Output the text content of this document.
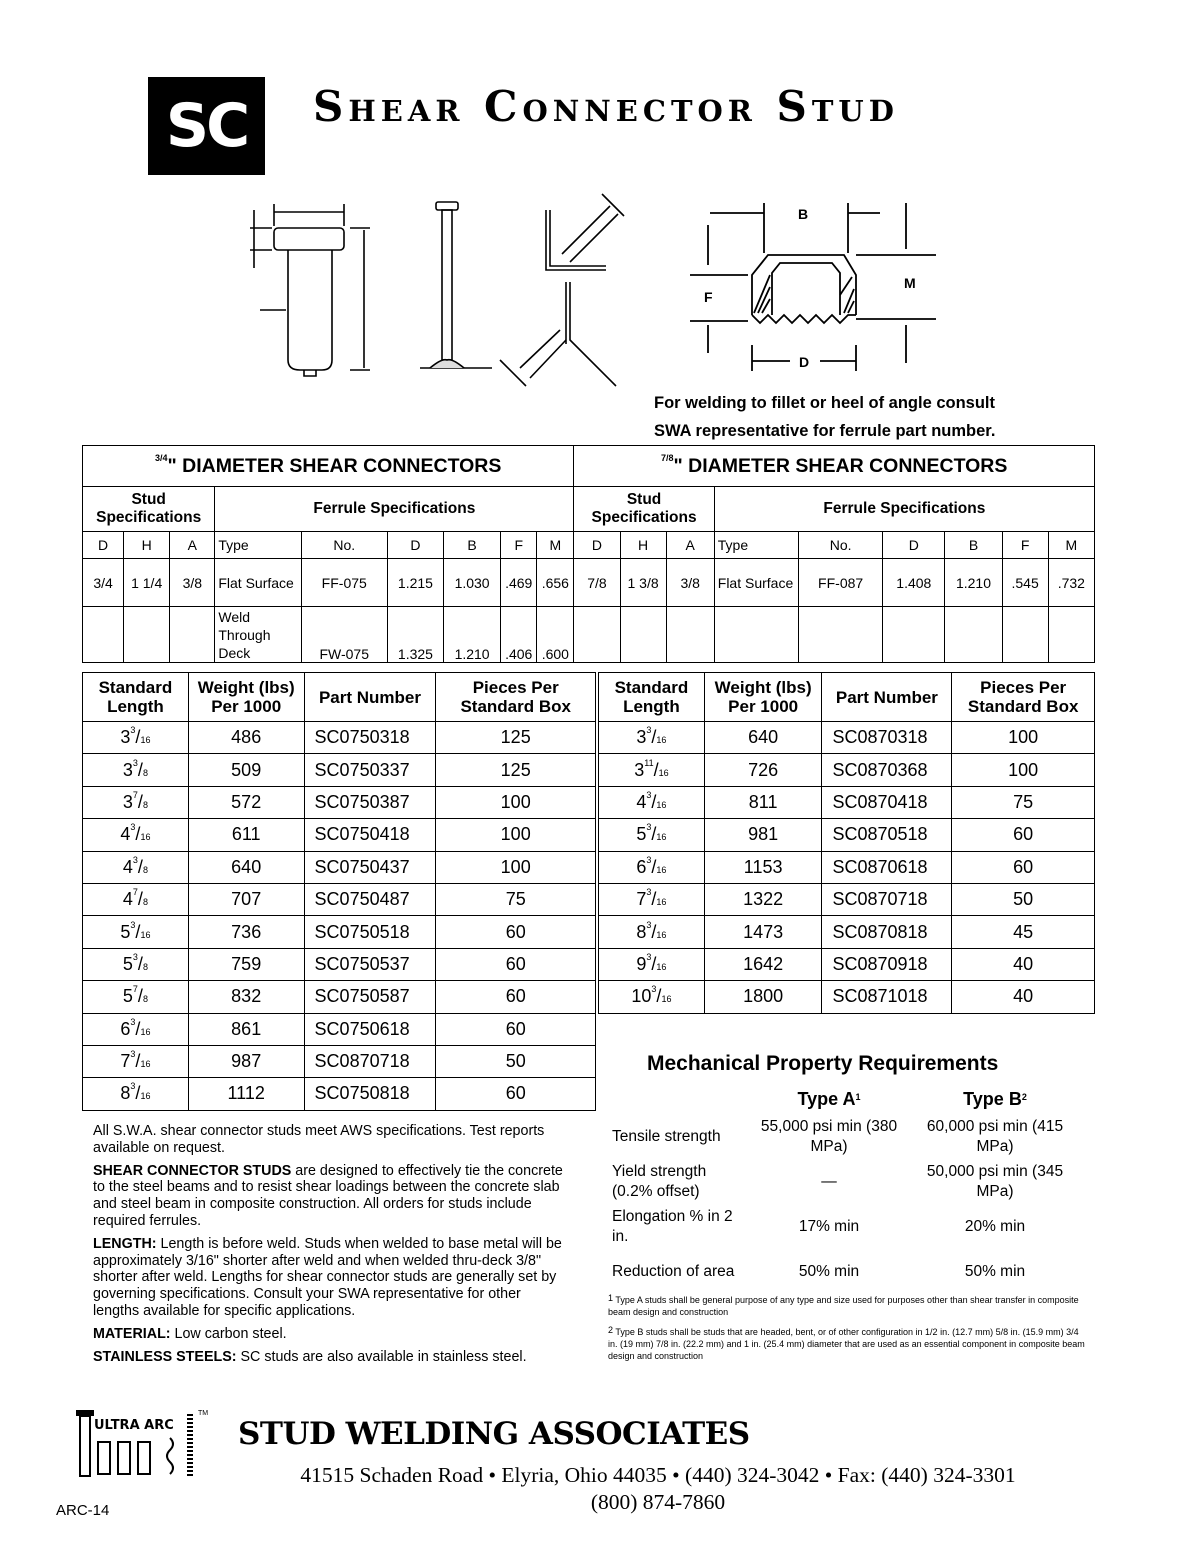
SC Shear Connector Stud
B
M
F
D
For welding to fillet or heel of angle consult
SWA representative for ferrule part number.
$^{3/4}$" DIAMETER SHEAR CONNECTORS									$^{7/8}$" DIAMETER SHEAR CONNECTORS								
Stud Specifications			Ferrule Specifications						Stud Specifications			Ferrule Specifications					
D	H	A	Type	No.	D	B	F	M	D	H	A	Type	No.	D	B	F	M
3/4	1 1/4	3/8	Flat Surface	FF-075	1.215	1.030	.469	.656	7/8	1 3/8	3/8	Flat Surface	FF-087	1.408	1.210	.545	.732
			Weld Through Deck	FW-075	1.325	1.210	.406	.600									
Standard Length	Weight (lbs) Per 1000	Part Number	Pieces Per Standard Box
$3^3/16$	486	SC0750318	125
$3^3/8$	509	SC0750337	125
$3^7/8$	572	SC0750387	100
$4^3/16$	611	SC0750418	100
$4^3/8$	640	SC0750437	100
$4^7/8$	707	SC0750487	75
$5^3/16$	736	SC0750518	60
$5^3/8$	759	SC0750537	60
$5^7/8$	832	SC0750587	60
$6^3/16$	861	SC0750618	60
$7^3/16$	987	SC0870718	50
$8^3/16$	1112	SC0750818	60
Standard Length	Weight (lbs) Per 1000	Part Number	Pieces Per Standard Box
$3^3/16$	640	SC0870318	100
$3^{11}/16$	726	SC0870368	100
$4^3/16$	811	SC0870418	75
$5^3/16$	981	SC0870518	60
$6^3/16$	1153	SC0870618	60
$7^3/16$	1322	SC0870718	50
$8^3/16$	1473	SC0870818	45
$9^3/16$	1642	SC0870918	40
$10^3/16$	1800	SC0871018	40

All S.W.A. shear connector studs meet AWS specifications. Test reports available on request.

SHEAR CONNECTOR STUDS are designed to effectively tie the concrete to the steel beams and to resist shear loadings between the concrete slab and steel beam in composite construction. All orders for studs include required ferrules.

LENGTH: Length is before weld. Studs when welded to base metal will be approximately 3/16" shorter after weld and when welded thru-deck 3/8" shorter after weld. Lengths for shear connector studs are generally set by governing specifications. Consult your SWA representative for other lengths available for specific applications.

MATERIAL: Low carbon steel.

STAINLESS STEELS: SC studs are also available in stainless steel.

Mechanical Property Requirements
	Type $A^1$	Type $B^2$
Tensile strength	55,000 psi min (380 MPa)	60,000 psi min (415 MPa)
Yield strength (0.2% offset)	—	50,000 psi min (345 MPa)
Elongation % in 2 in.	17% min	20% min
Reduction of area	50% min	50% min
$^1$ Type A studs shall be general purpose of any type and size used for purposes other than shear transfer in composite beam design and construction
$^2$ Type B studs shall be studs that are headed, bent, or of other configuration in 1/2 in. (12.7 mm) 5/8 in. (15.9 mm) 3/4 in. (19 mm) 7/8 in. (22.2 mm) and 1 in. (25.4 mm) diameter that are used as an essential component in composite beam design and construction
ULTRA ARC
TM
STUD WELDING ASSOCIATES
41515 Schaden Road • Elyria, Ohio 44035 • (440) 324-3042 • Fax: (440) 324-3301
(800) 874-7860
ARC-14
